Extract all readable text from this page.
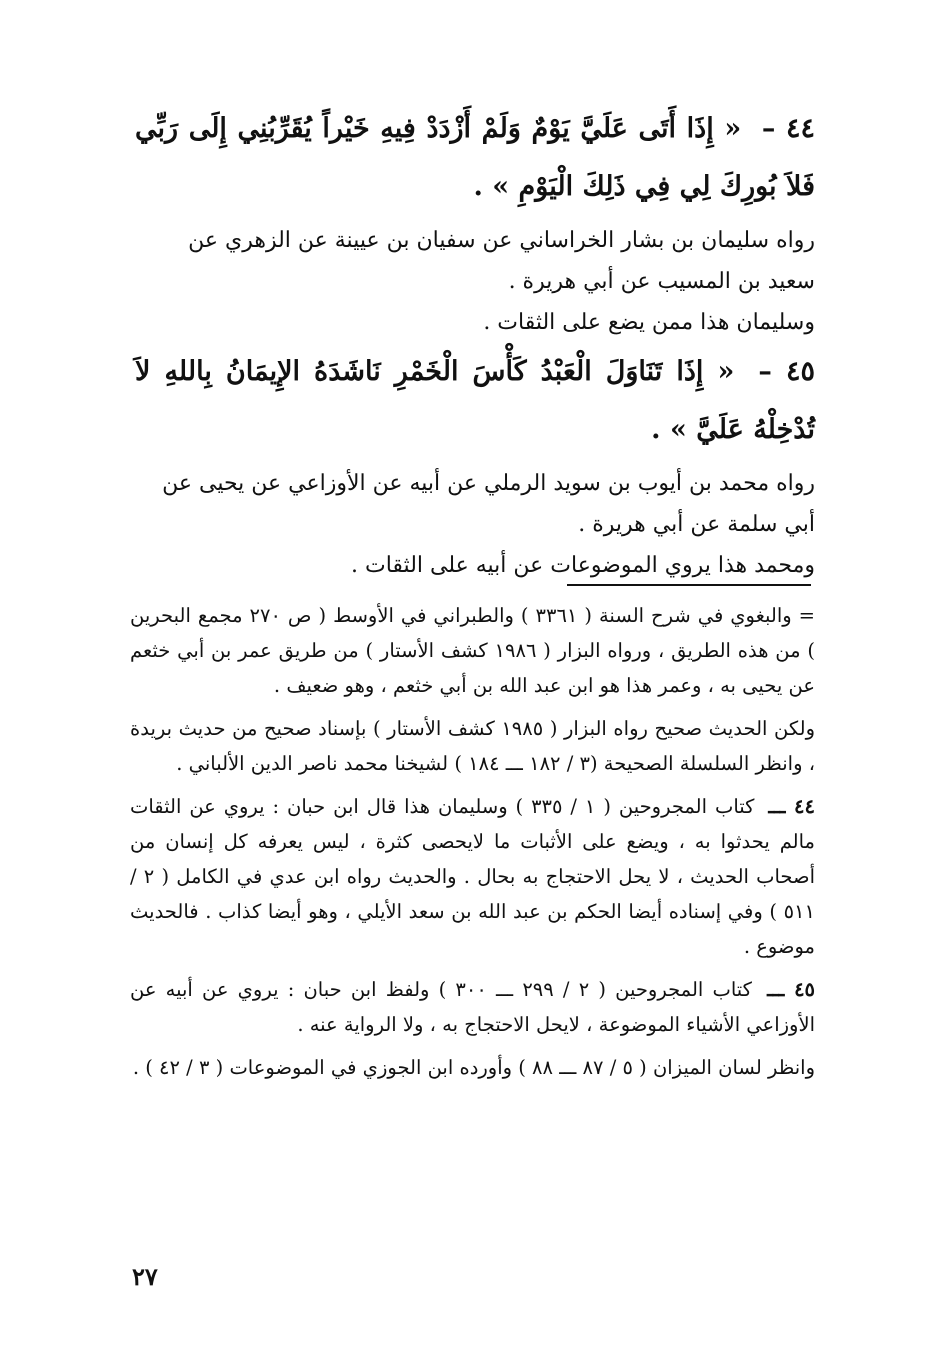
٤٤ – « إِذَا أَتَى عَلَيَّ يَوْمٌ وَلَمْ أَزْدَدْ فِيهِ خَيْراً يُقَرِّبُنِي إِلَى رَبِّي فَلاَ بُورِكَ لِي فِي ذَلِكَ الْيَوْمِ » .

رواه سليمان بن بشار الخراساني عن سفيان بن عيينة عن الزهري عن سعيد بن المسيب عن أبي هريرة .

وسليمان هذا ممن يضع على الثقات .

٤٥ – « إِذَا تَنَاوَلَ الْعَبْدُ كَأْسَ الْخَمْرِ نَاشَدَهُ الإِيمَانُ بِاللهِ لاَ تُدْخِلْهُ عَلَيَّ » .

رواه محمد بن أيوب بن سويد الرملي عن أبيه عن الأوزاعي عن يحيى عن أبي سلمة عن أبي هريرة .

ومحمد هذا يروي الموضوعات عن أبيه على الثقات .

= والبغوي في شرح السنة ( ٣٣٦١ ) والطبراني في الأوسط ( ص ٢٧٠ مجمع البحرين ) من هذه الطريق ، ورواه البزار ( ١٩٨٦ كشف الأستار ) من طريق عمر بن أبي خثعم عن يحيى به ، وعمر هذا هو ابن عبد الله بن أبي خثعم ، وهو ضعيف .

ولكن الحديث صحيح رواه البزار ( ١٩٨٥ كشف الأستار ) بإسناد صحيح من حديث بريدة ، وانظر السلسلة الصحيحة (٣ / ١٨٢ ـــ ١٨٤ ) لشيخنا محمد ناصر الدين الألباني .

٤٤ ـــ كتاب المجروحين ( ١ / ٣٣٥ ) وسليمان هذا قال ابن حبان : يروي عن الثقات مالم يحدثوا به ، ويضع على الأثبات ما لايحصى كثرة ، ليس يعرفه كل إنسان من أصحاب الحديث ، لا يحل الاحتجاج به بحال . والحديث رواه ابن عدي في الكامل ( ٢ / ٥١١ ) وفي إسناده أيضا الحكم بن عبد الله بن سعد الأيلي ، وهو أيضا كذاب . فالحديث موضوع .

٤٥ ـــ كتاب المجروحين ( ٢ / ٢٩٩ ـــ ٣٠٠ ) ولفظ ابن حبان : يروي عن أبيه عن الأوزاعي الأشياء الموضوعة ، لايحل الاحتجاج به ، ولا الرواية عنه .

وانظر لسان الميزان ( ٥ / ٨٧ ـــ ٨٨ ) وأورده ابن الجوزي في الموضوعات ( ٣ / ٤٢ ) .

٢٧
